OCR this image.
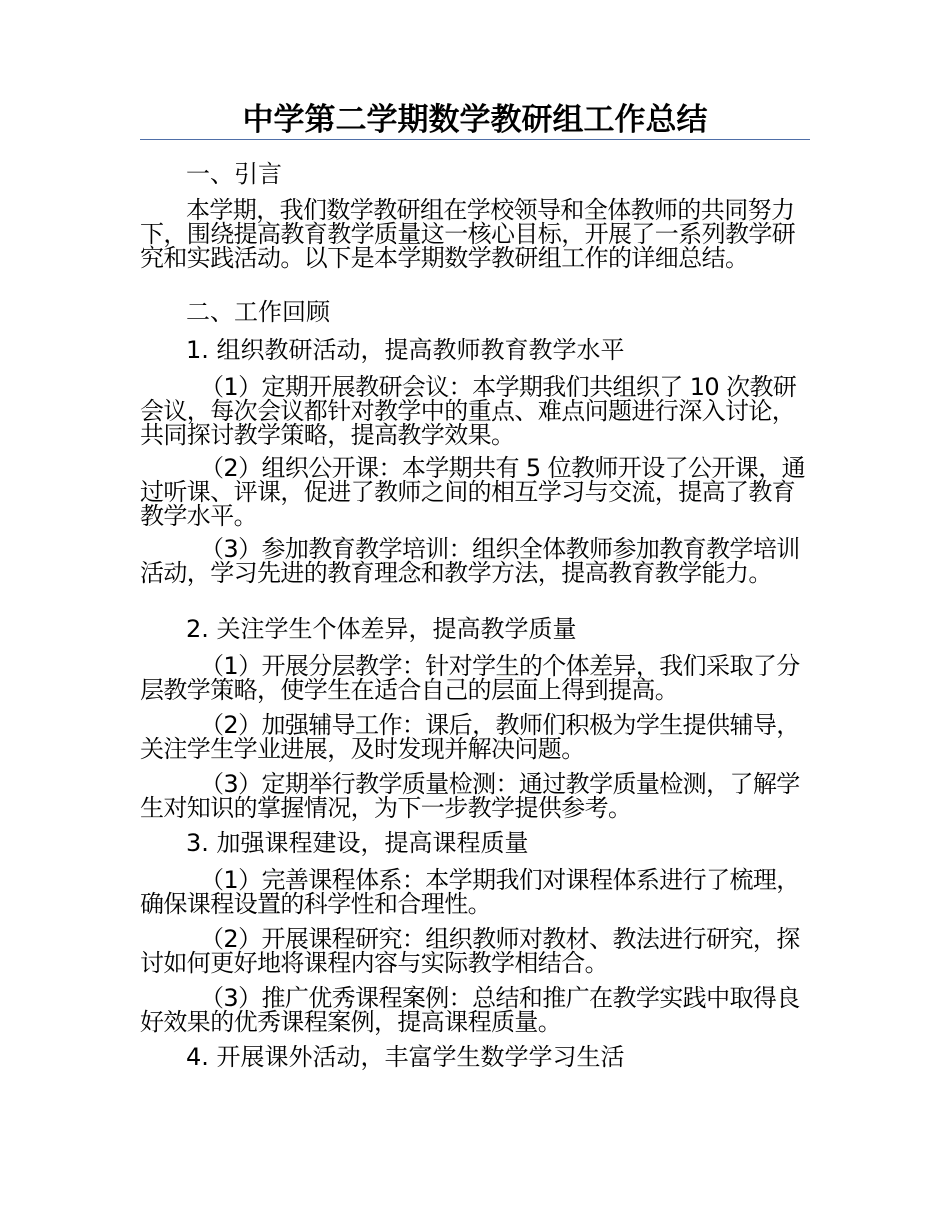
中学第二学期数学教研组工作总结

一、引言

本学期，我们数学教研组在学校领导和全体教师的共同努力下，围绕提高教育教学质量这一核心目标，开展了一系列教学研究和实践活动。以下是本学期数学教研组工作的详细总结。

二、工作回顾

1. 组织教研活动，提高教师教育教学水平

（1）定期开展教研会议：本学期我们共组织了 10 次教研会议，每次会议都针对教学中的重点、难点问题进行深入讨论，共同探讨教学策略，提高教学效果。

（2）组织公开课：本学期共有 5 位教师开设了公开课，通过听课、评课，促进了教师之间的相互学习与交流，提高了教育教学水平。

（3）参加教育教学培训：组织全体教师参加教育教学培训活动，学习先进的教育理念和教学方法，提高教育教学能力。

2. 关注学生个体差异，提高教学质量

（1）开展分层教学：针对学生的个体差异，我们采取了分层教学策略，使学生在适合自己的层面上得到提高。

（2）加强辅导工作：课后，教师们积极为学生提供辅导，关注学生学业进展，及时发现并解决问题。

（3）定期举行教学质量检测：通过教学质量检测，了解学生对知识的掌握情况，为下一步教学提供参考。

3. 加强课程建设，提高课程质量

（1）完善课程体系：本学期我们对课程体系进行了梳理，确保课程设置的科学性和合理性。

（2）开展课程研究：组织教师对教材、教法进行研究，探讨如何更好地将课程内容与实际教学相结合。

（3）推广优秀课程案例：总结和推广在教学实践中取得良好效果的优秀课程案例，提高课程质量。

4. 开展课外活动，丰富学生数学学习生活
